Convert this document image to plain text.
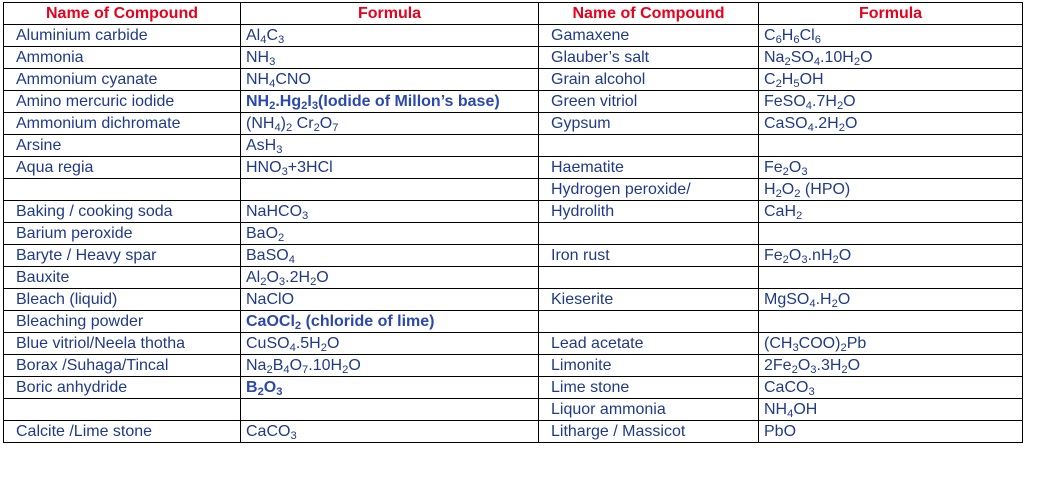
Name of Compound	Formula	Name of Compound	Formula
Aluminium carbide	$Al_4C_3$	Gamaxene	$C_6H_6Cl_6$
Ammonia	$NH_3$	Glauber’s salt	$Na_2SO_4.10H_2O$
Ammonium cyanate	$NH_4CNO$	Grain alcohol	$C_2H_5OH$
Amino mercuric iodide	$NH_2.Hg_2I_3(Iodide$ of Millon’s base)	Green vitriol	$FeSO_4.7H_2O$
Ammonium dichromate	$(NH_4)_2$ $Cr_2O_7$	Gypsum	$CaSO_4.2H_2O$
Arsine	AsH$_3$		
Aqua regia	$HNO_3+3HCl$	Haematite	$Fe_2O_3$
		Hydrogen peroxide/	$H_2O_2$ (HPO)
Baking / cooking soda	NaHCO$_3$	Hydrolith	CaH$_2$
Barium peroxide	BaO$_2$		
Baryte / Heavy spar	BaSO$_4$	Iron rust	$Fe_2O_3.nH_2O$
Bauxite	$Al_2O_3.2H_2O$		
Bleach (liquid)	NaClO	Kieserite	$MgSO_4.H_2O$
Bleaching powder	CaOCl$_2$ (chloride of lime)		
Blue vitriol/Neela thotha	$CuSO_4.5H_2O$	Lead acetate	$(CH_3COO)_2Pb$
Borax /Suhaga/Tincal	$Na_2B_4O_7.10H_2O$	Limonite	$2Fe_2O_3.3H_2O$
Boric anhydride	$B_2O_3$	Lime stone	CaCO$_3$
		Liquor ammonia	$NH_4OH$
Calcite /Lime stone	CaCO$_3$	Litharge / Massicot	PbO
